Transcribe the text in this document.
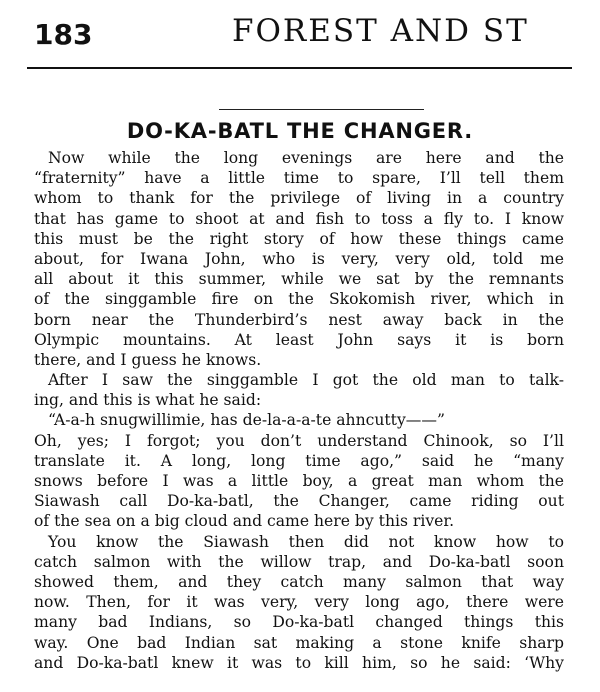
183	FOREST AND ST
DO-KA-BATL THE CHANGER.
Now while the long evenings are here and the
“fraternity” have a little time to spare, I’ll tell them
whom to thank for the privilege of living in a country
that has game to shoot at and fish to toss a fly to. I know
this must be the right story of how these things came
about, for Iwana John, who is very, very old, told me
all about it this summer, while we sat by the remnants
of the singgamble fire on the Skokomish river, which in
born near the Thunderbird’s nest away back in the
Olympic mountains. At least John says it is born
there, and I guess he knows.
After I saw the singgamble I got the old man to talk-
ing, and this is what he said:
“A-a-h snugwillimie, has de-la-a-a-te ahncutty——”
Oh, yes; I forgot; you don’t understand Chinook, so I’ll
translate it. A long, long time ago,” said he “many
snows before I was a little boy, a great man whom the
Siawash call Do-ka-batl, the Changer, came riding out
of the sea on a big cloud and came here by this river.
You know the Siawash then did not know how to
catch salmon with the willow trap, and Do-ka-batl soon
showed them, and they catch many salmon that way
now. Then, for it was very, very long ago, there were
many bad Indians, so Do-ka-batl changed things this
way. One bad Indian sat making a stone knife sharp
and Do-ka-batl knew it was to kill him, so he said: ‘Why
